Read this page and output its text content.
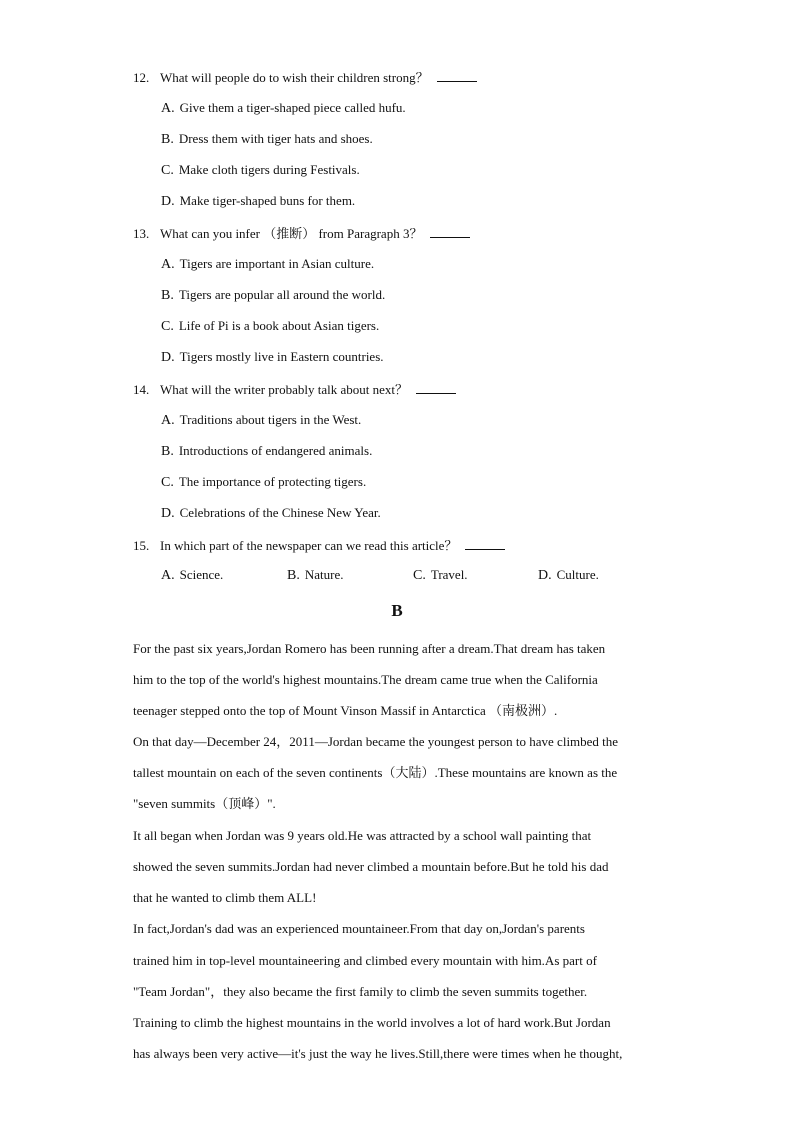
12. What will people do to wish their children strong？
A. Give them a tiger-shaped piece called hufu.
B. Dress them with tiger hats and shoes.
C. Make cloth tigers during Festivals.
D. Make tiger-shaped buns for them.
13. What can you infer （推断） from Paragraph 3？
A. Tigers are important in Asian culture.
B. Tigers are popular all around the world.
C. Life of Pi is a book about Asian tigers.
D. Tigers mostly live in Eastern countries.
14. What will the writer probably talk about next？
A. Traditions about tigers in the West.
B. Introductions of endangered animals.
C. The importance of protecting tigers.
D. Celebrations of the Chinese New Year.
15. In which part of the newspaper can we read this article？
A. Science.	B. Nature.	C. Travel.	D. Culture.
B
For the past six years,Jordan Romero has been running after a dream.That dream has taken
him to the top of the world's highest mountains.The dream came true when the California
teenager stepped onto the top of Mount Vinson Massif in Antarctica （南极洲）.
On that day—December 24，2011—Jordan became the youngest person to have climbed the
tallest mountain on each of the seven continents（大陆）.These mountains are known as the
"seven summits（顶峰）".
It all began when Jordan was 9 years old.He was attracted by a school wall painting that
showed the seven summits.Jordan had never climbed a mountain before.But he told his dad
that he wanted to climb them ALL!
In fact,Jordan's dad was an experienced mountaineer.From that day on,Jordan's parents
trained him in top-level mountaineering and climbed every mountain with him.As part of
"Team Jordan"，they also became the first family to climb the seven summits together.
Training to climb the highest mountains in the world involves a lot of hard work.But Jordan
has always been very active—it's just the way he lives.Still,there were times when he thought,
